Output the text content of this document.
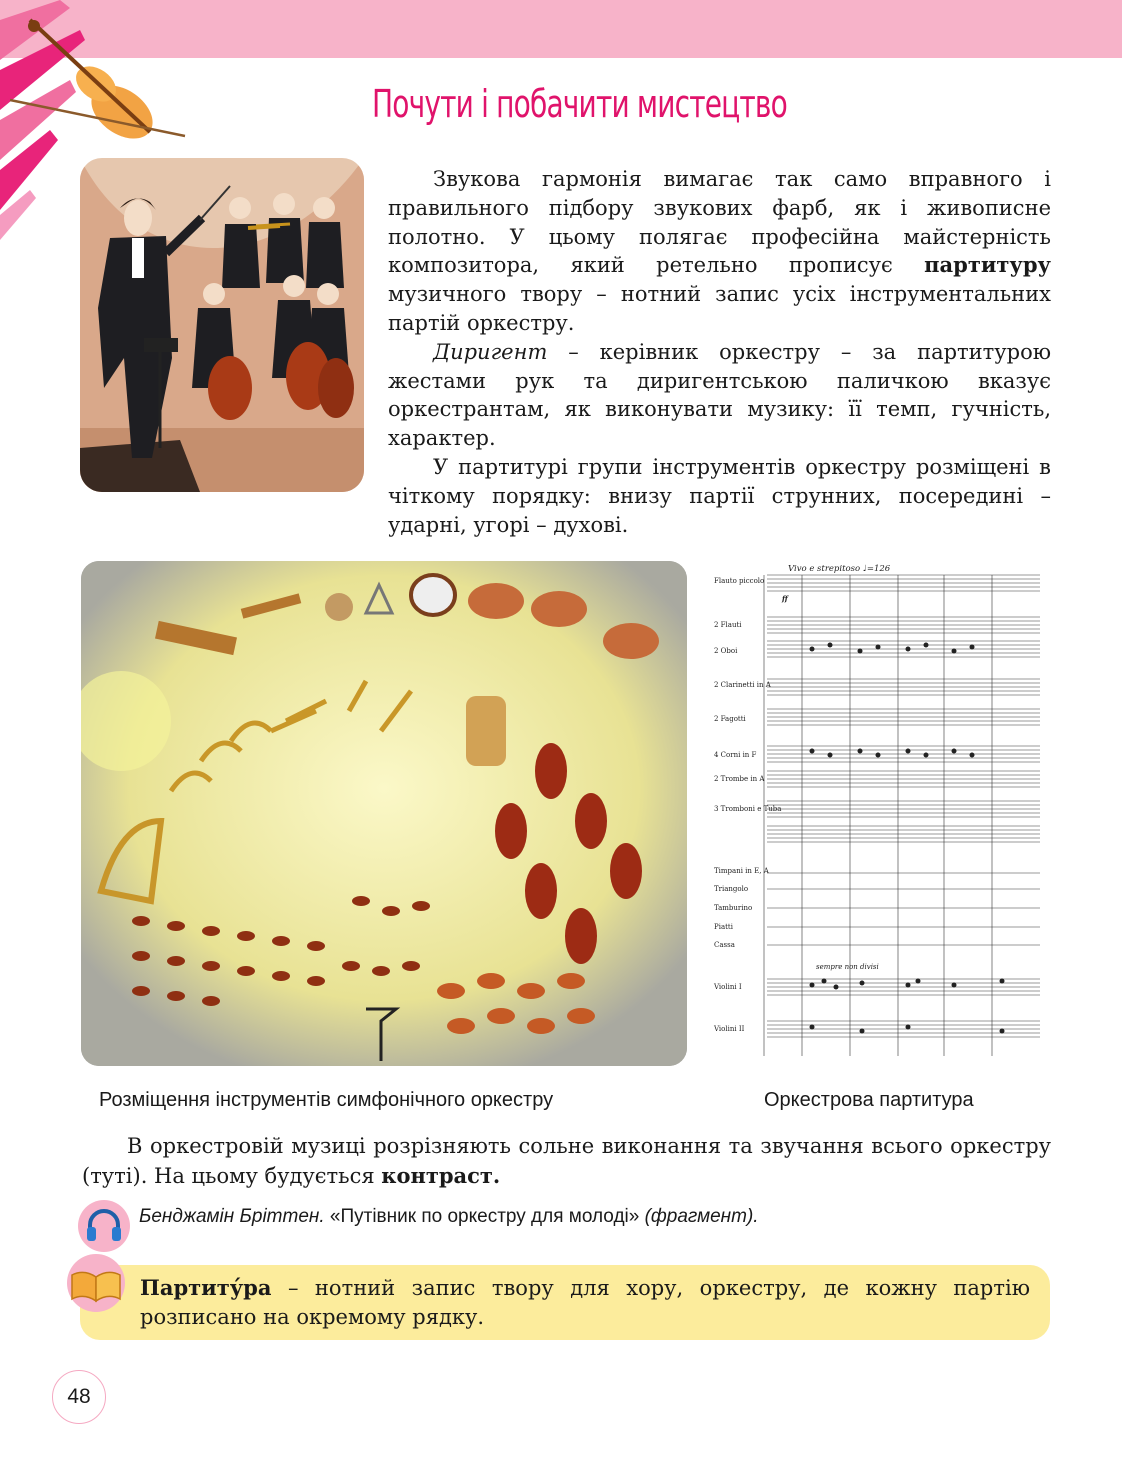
Почути і побачити мистецтво

Звукова гармонія вимагає так само вправного і правильного підбору звукових фарб, як і живописне полотно. У цьому полягає професійна майстерність композитора, який ретельно прописує партитуру музичного твору – нотний запис усіх інструментальних партій оркестру.

Диригент – керівник оркестру – за партитурою жестами рук та диригентською паличкою вказує оркестрантам, як виконувати музику: її темп, гучність, характер.

У партитурі групи інструментів оркестру розміщені в чіткому порядку: внизу партії струнних, посередині – ударні, угорі – духові.

Vivo e strepitoso ♩=126
Flauto piccolo
2 Flauti
2 Oboi
2 Clarinetti in A
2 Fagotti
4 Corni in F
2 Trombe in A
3 Tromboni e Tuba
Timpani in E, A
Triangolo
Tamburino
Piatti
Cassa
Violini I
Violini II
ff
sempre non divisi
Розміщення інструментів симфонічного оркестру	Оркестрова партитура

В оркестровій музиці розрізняють сольне виконання та звучання всього оркестру (туті). На цьому будується контраст.

Бенджамін Бріттен. «Путівник по оркестру для молоді» (фрагмент).
Партиту́ра – нотний запис твору для хору, оркестру, де кожну партію розписано на окремому рядку.
48
